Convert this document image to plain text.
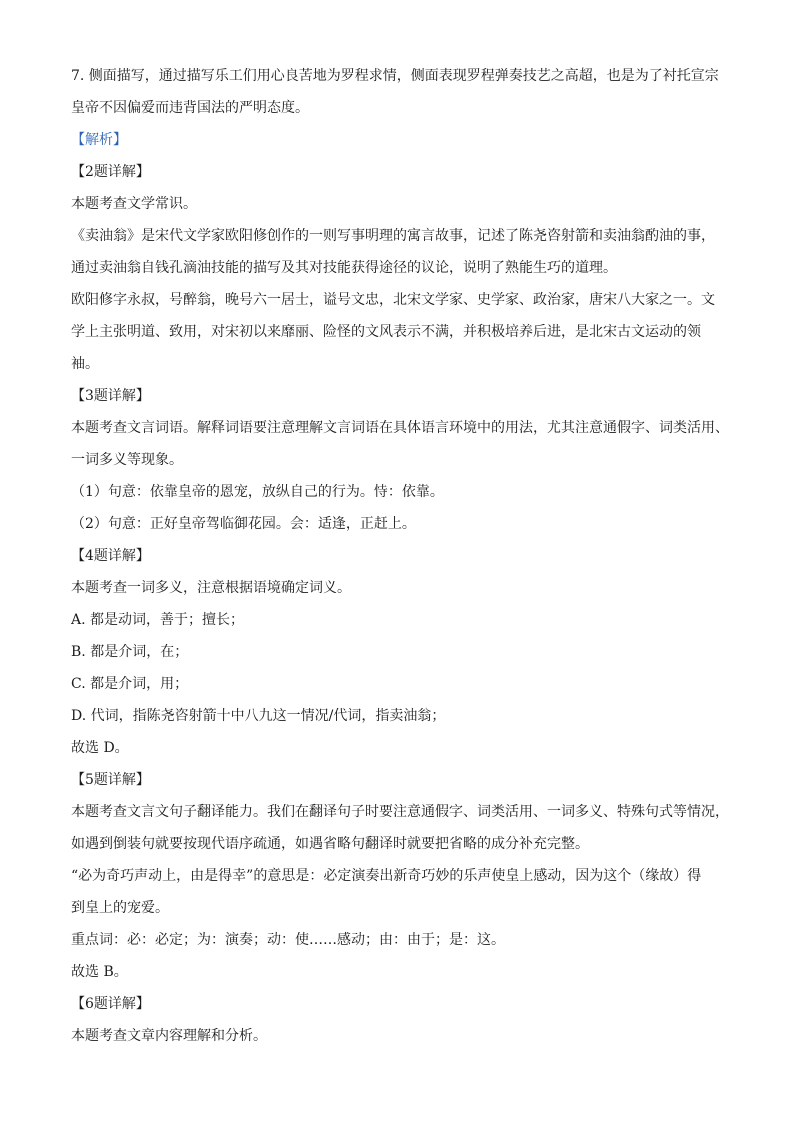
7. 侧面描写，通过描写乐工们用心良苦地为罗程求情，侧面表现罗程弹奏技艺之高超，也是为了衬托宣宗
皇帝不因偏爱而违背国法的严明态度。
【解析】
【2题详解】
本题考查文学常识。
《卖油翁》是宋代文学家欧阳修创作的一则写事明理的寓言故事，记述了陈尧咨射箭和卖油翁酌油的事，
通过卖油翁自钱孔滴油技能的描写及其对技能获得途径的议论，说明了熟能生巧的道理。
欧阳修字永叔，号醉翁，晚号六一居士，谥号文忠，北宋文学家、史学家、政治家，唐宋八大家之一。文
学上主张明道、致用，对宋初以来靡丽、险怪的文风表示不满，并积极培养后进，是北宋古文运动的领
袖。
【3题详解】
本题考查文言词语。解释词语要注意理解文言词语在具体语言环境中的用法，尤其注意通假字、词类活用、
一词多义等现象。
（1）句意：依靠皇帝的恩宠，放纵自己的行为。恃：依靠。
（2）句意：正好皇帝驾临御花园。会：适逢，正赶上。
【4题详解】
本题考查一词多义，注意根据语境确定词义。
A. 都是动词，善于；擅长；
B. 都是介词，在；
C. 都是介词，用；
D. 代词，指陈尧咨射箭十中八九这一情况/代词，指卖油翁；
故选 D。
【5题详解】
本题考查文言文句子翻译能力。我们在翻译句子时要注意通假字、词类活用、一词多义、特殊句式等情况，
如遇到倒装句就要按现代语序疏通，如遇省略句翻译时就要把省略的成分补充完整。
“必为奇巧声动上，由是得幸”的意思是：必定演奏出新奇巧妙的乐声使皇上感动，因为这个（缘故）得
到皇上的宠爱。
重点词：必：必定；为：演奏；动：使……感动；由：由于；是：这。
故选 B。
【6题详解】
本题考查文章内容理解和分析。
